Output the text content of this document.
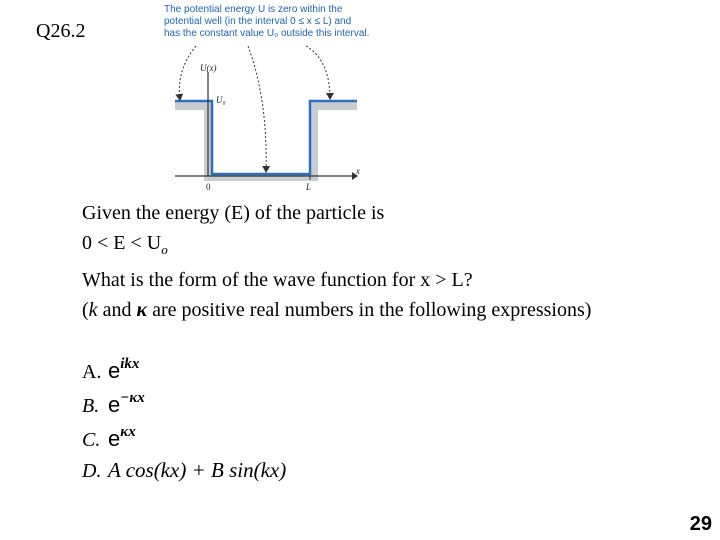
Q26.2
The potential energy U is zero within the
potential well (in the interval 0 ≤ x ≤ L) and
has the constant value U₀ outside this interval.
U(x)
U₀
x
0	L
Given the energy (E) of the particle is
$0 < E < U_o$
What is the form of the wave function for x > L?
(k and κ are positive real numbers in the following expressions)
A. $e^{ikx}$
B. $e^{-\kappa x}$
C. $e^{\kappa x}$
D. A cos(kx) + B sin(kx)
29
